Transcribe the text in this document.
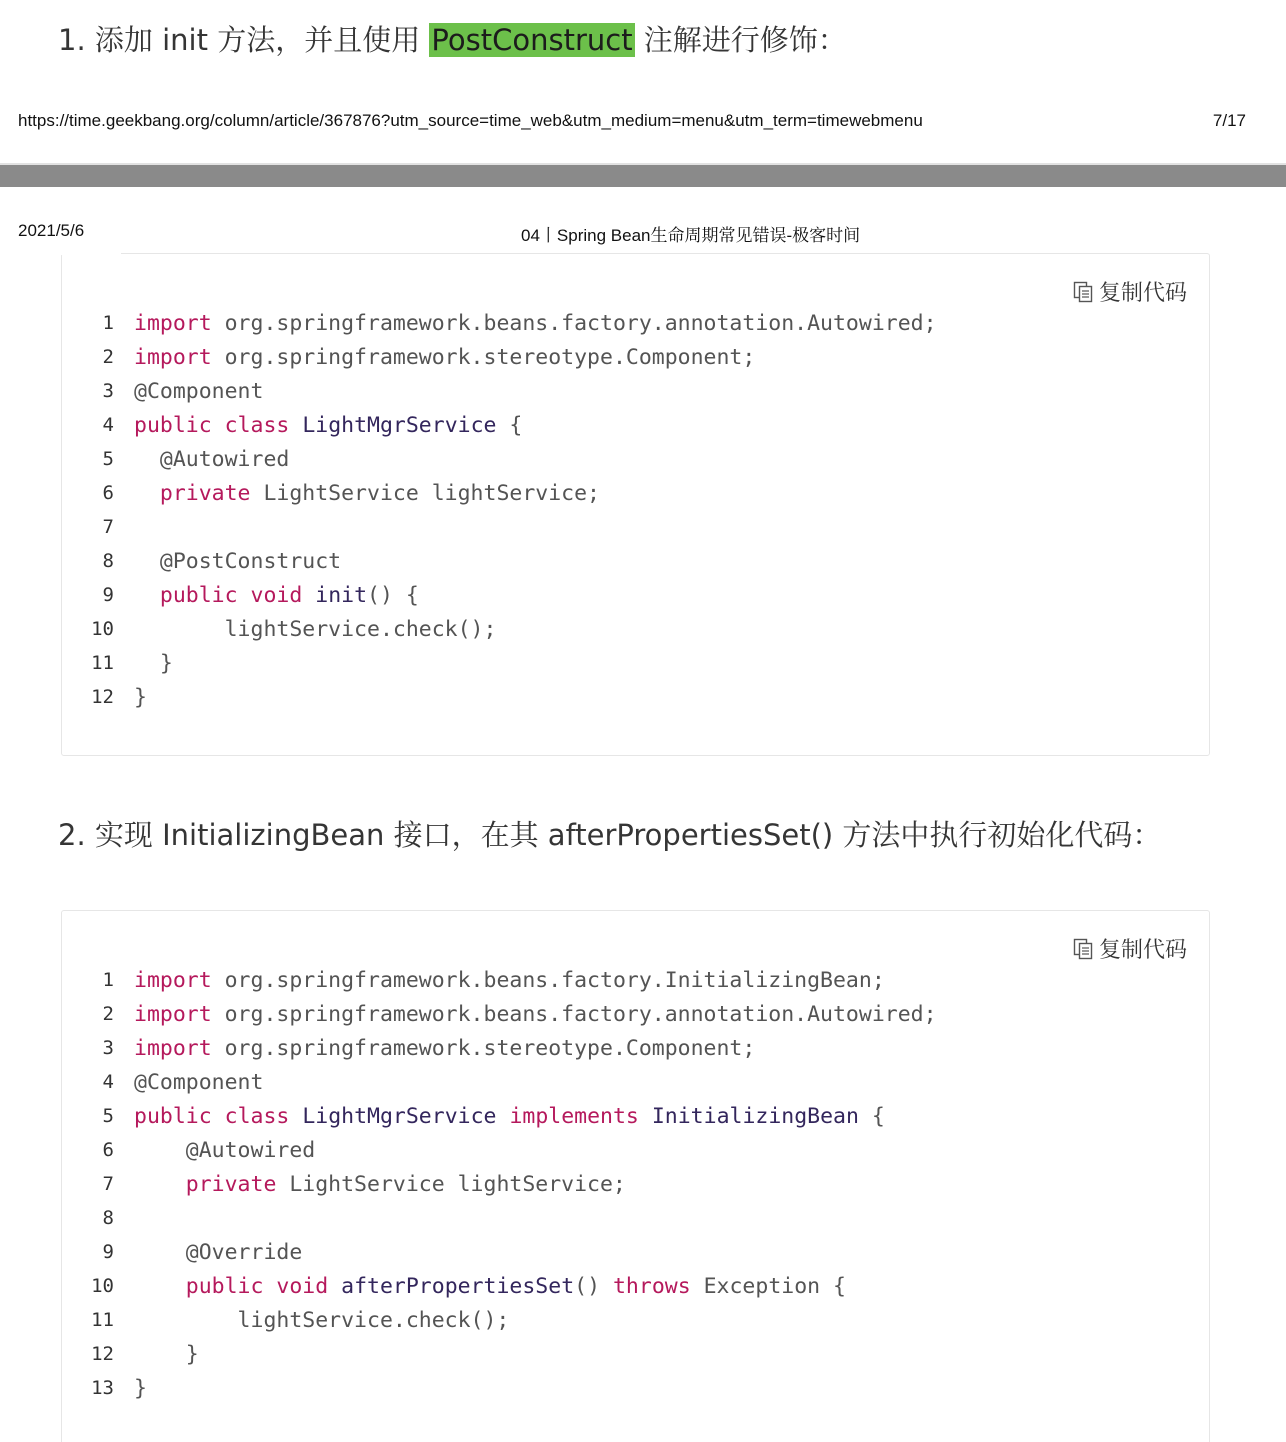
1. 添加 init 方法，并且使用 PostConstruct 注解进行修饰：
https://time.geekbang.org/column/article/367876?utm_source=time_web&utm_medium=menu&utm_term=timewebmenu	7/17
2021/5/6	04丨Spring Bean生命周期常见错误-极客时间
复制代码
1 import org.springframework.beans.factory.annotation.Autowired;
2 import org.springframework.stereotype.Component;
3 @Component
4 public class LightMgrService {
5 @Autowired
6	private LightService lightService;
7

8 @PostConstruct
9	public void init() {
10 lightService.check();
11 }
12 }
2. 实现 InitializingBean 接口，在其 afterPropertiesSet() 方法中执行初始化代码：
复制代码
1 import org.springframework.beans.factory.InitializingBean;
2 import org.springframework.beans.factory.annotation.Autowired;
3 import org.springframework.stereotype.Component;
4 @Component
5 public class LightMgrService implements InitializingBean {
6 @Autowired
7	private LightService lightService;
8

9 @Override
10	public void afterPropertiesSet() throws Exception {
11 lightService.check();
12 }
13 }
